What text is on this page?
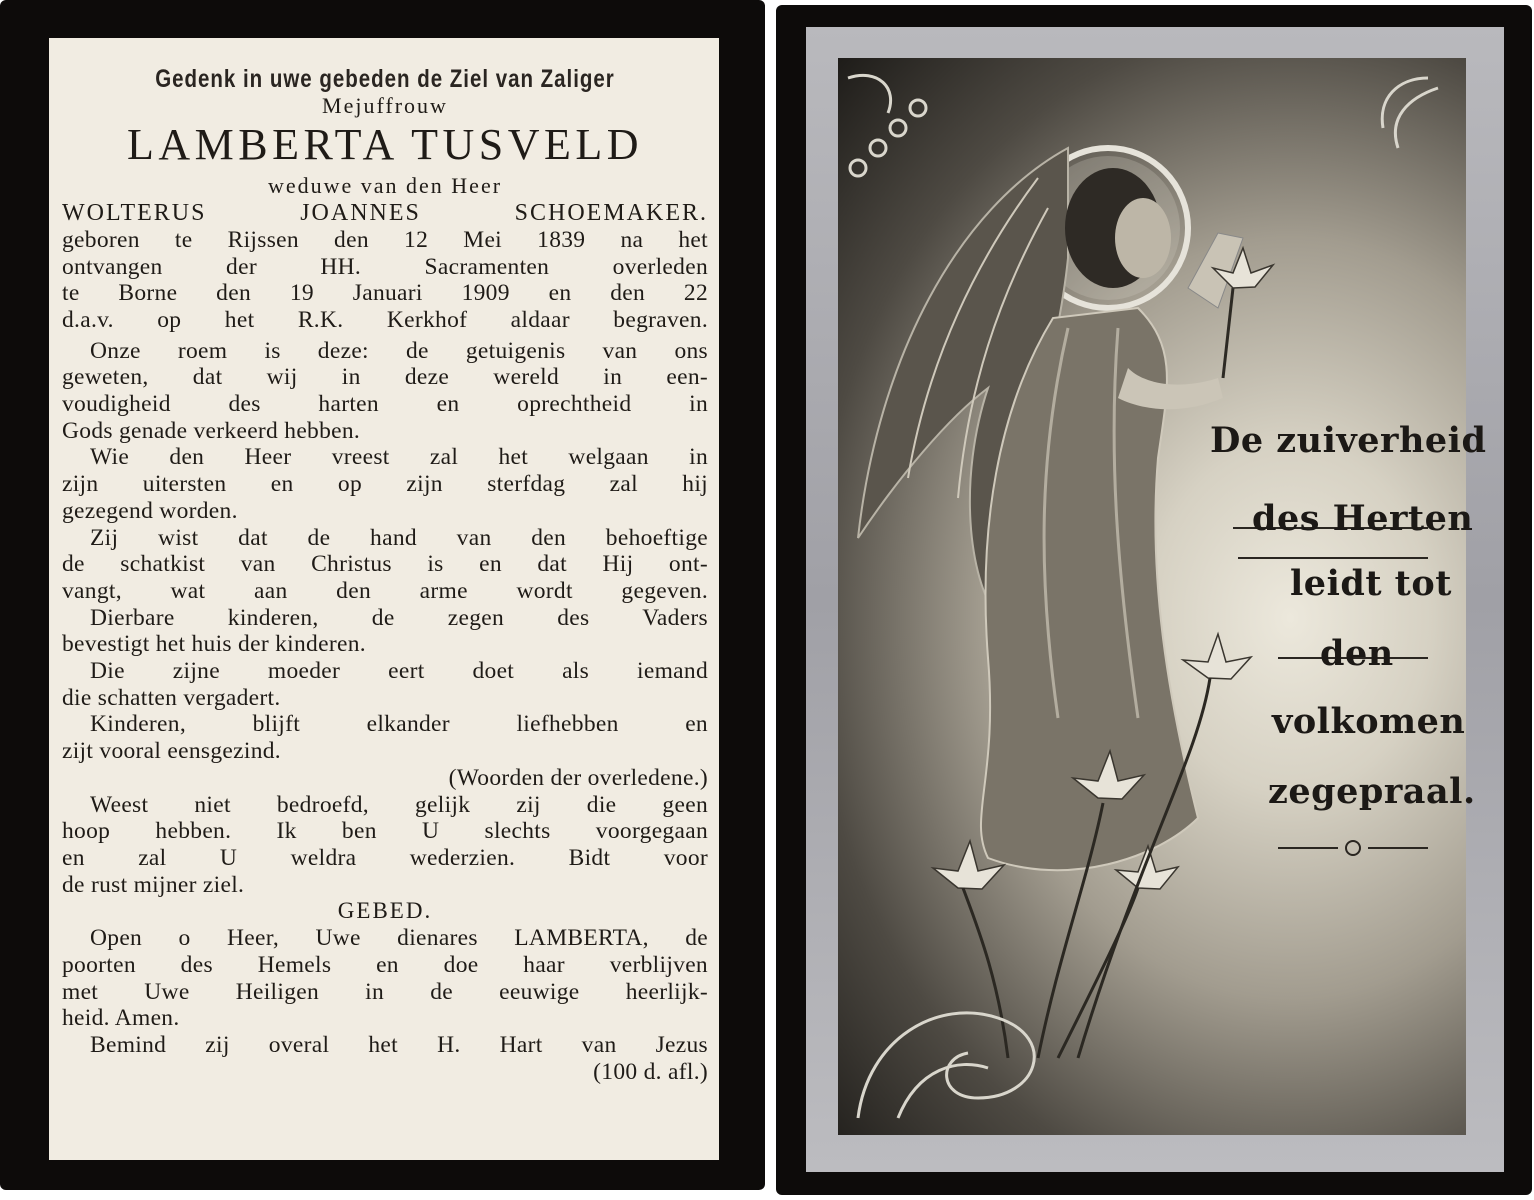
Gedenk in uwe gebeden de Ziel van Zaliger
Mejuffrouw
LAMBERTA TUSVELD
weduwe van den Heer
WOLTERUS JOANNES SCHOEMAKER.
geboren te Rijssen den 12 Mei 1839 na het
ontvangen der HH. Sacramenten overleden
te Borne den 19 Januari 1909 en den 22
d.a.v. op het R.K. Kerkhof aldaar begraven.
Onze roem is deze: de getuigenis van ons
geweten, dat wij in deze wereld in een-
voudigheid des harten en oprechtheid in
Gods genade verkeerd hebben.
Wie den Heer vreest zal het welgaan in
zijn uitersten en op zijn sterfdag zal hij
gezegend worden.
Zij wist dat de hand van den behoeftige
de schatkist van Christus is en dat Hij ont-
vangt, wat aan den arme wordt gegeven.
Dierbare kinderen, de zegen des Vaders
bevestigt het huis der kinderen.
Die zijne moeder eert doet als iemand
die schatten vergadert.
Kinderen, blijft elkander liefhebben en
zijt vooral eensgezind.
(Woorden der overledene.)
Weest niet bedroefd, gelijk zij die geen
hoop hebben. Ik ben U slechts voorgegaan
en zal U weldra wederzien. Bidt voor
de rust mijner ziel.
GEBED.
Open o Heer, Uwe dienares LAMBERTA, de
poorten des Hemels en doe haar verblijven
met Uwe Heiligen in de eeuwige heerlijk-
heid. Amen.
Bemind zij overal het H. Hart van Jezus
(100 d. afl.)
De zuiverheid
des Herten
leidt tot
den
volkomen
zegepraal.
